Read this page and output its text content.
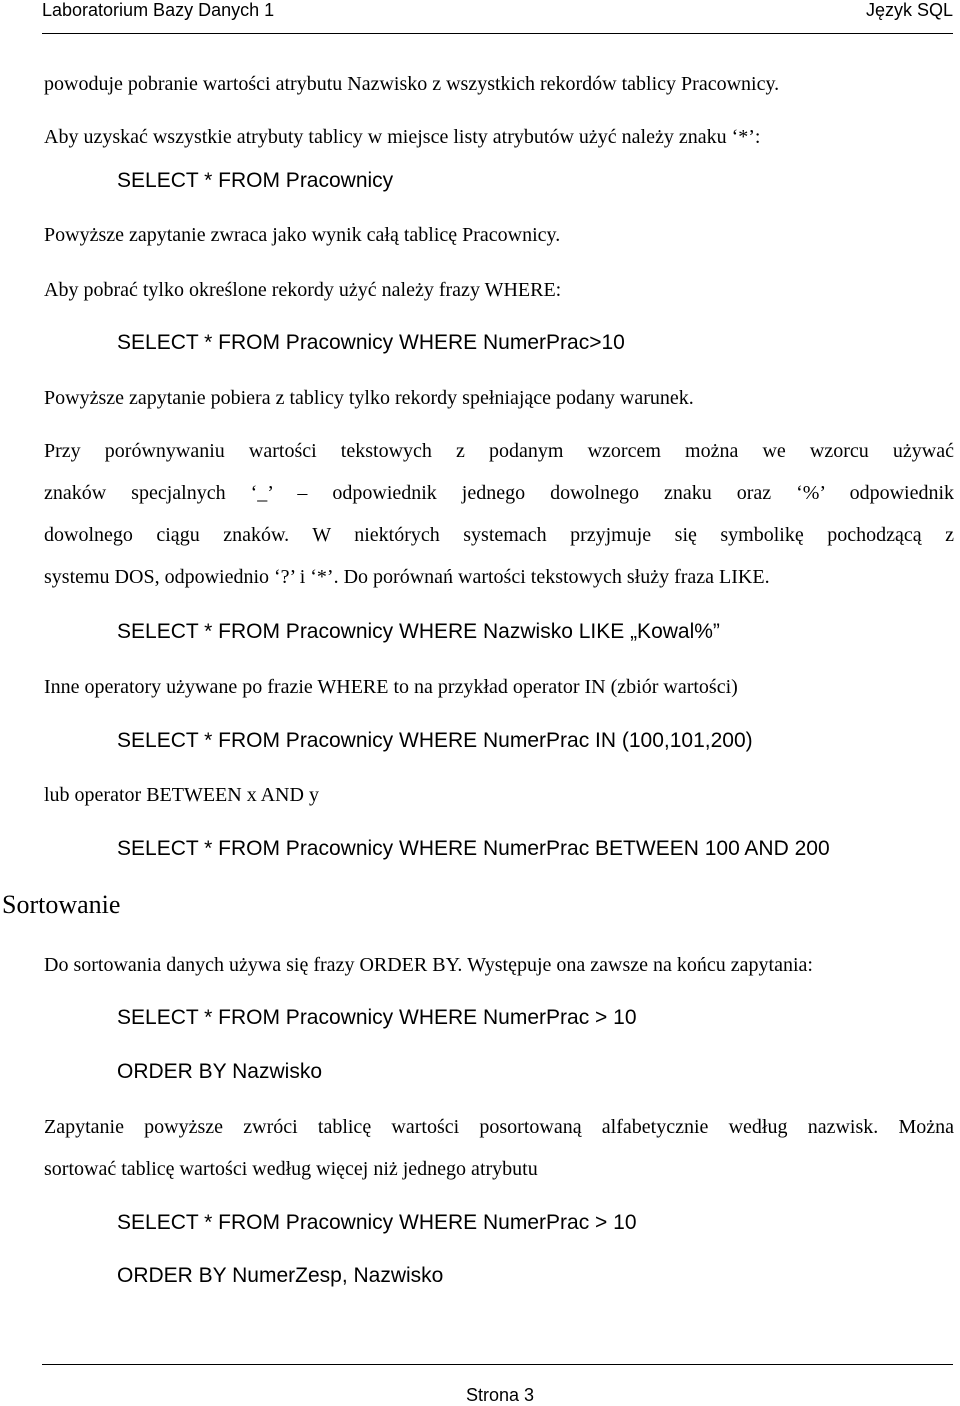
Laboratorium Bazy Danych 1	Język SQL
powoduje pobranie wartości atrybutu Nazwisko z wszystkich rekordów tablicy Pracownicy.
Aby uzyskać wszystkie atrybuty tablicy w miejsce listy atrybutów użyć należy znaku ‘*’:
SELECT * FROM Pracownicy
Powyższe zapytanie zwraca jako wynik całą tablicę Pracownicy.
Aby pobrać tylko określone rekordy użyć należy frazy WHERE:
SELECT * FROM Pracownicy WHERE NumerPrac>10
Powyższe zapytanie pobiera z tablicy tylko rekordy spełniające podany warunek.
Przy porównywaniu wartości tekstowych z podanym wzorcem można we wzorcu używać
znaków specjalnych ‘_’ – odpowiednik jednego dowolnego znaku oraz ‘%’ odpowiednik
dowolnego ciągu znaków. W niektórych systemach przyjmuje się symbolikę pochodzącą z
systemu DOS, odpowiednio ‘?’ i ‘*’. Do porównań wartości tekstowych służy fraza LIKE.
SELECT * FROM Pracownicy WHERE Nazwisko LIKE „Kowal%”
Inne operatory używane po frazie WHERE to na przykład operator IN (zbiór wartości)
SELECT * FROM Pracownicy WHERE NumerPrac IN (100,101,200)
lub operator BETWEEN x AND y
SELECT * FROM Pracownicy WHERE NumerPrac BETWEEN 100 AND 200
Sortowanie
Do sortowania danych używa się frazy ORDER BY. Występuje ona zawsze na końcu zapytania:
SELECT * FROM Pracownicy WHERE NumerPrac > 10
ORDER BY Nazwisko
Zapytanie powyższe zwróci tablicę wartości posortowaną alfabetycznie według nazwisk. Można
sortować tablicę wartości według więcej niż jednego atrybutu
SELECT * FROM Pracownicy WHERE NumerPrac > 10
ORDER BY NumerZesp, Nazwisko
Strona 3
